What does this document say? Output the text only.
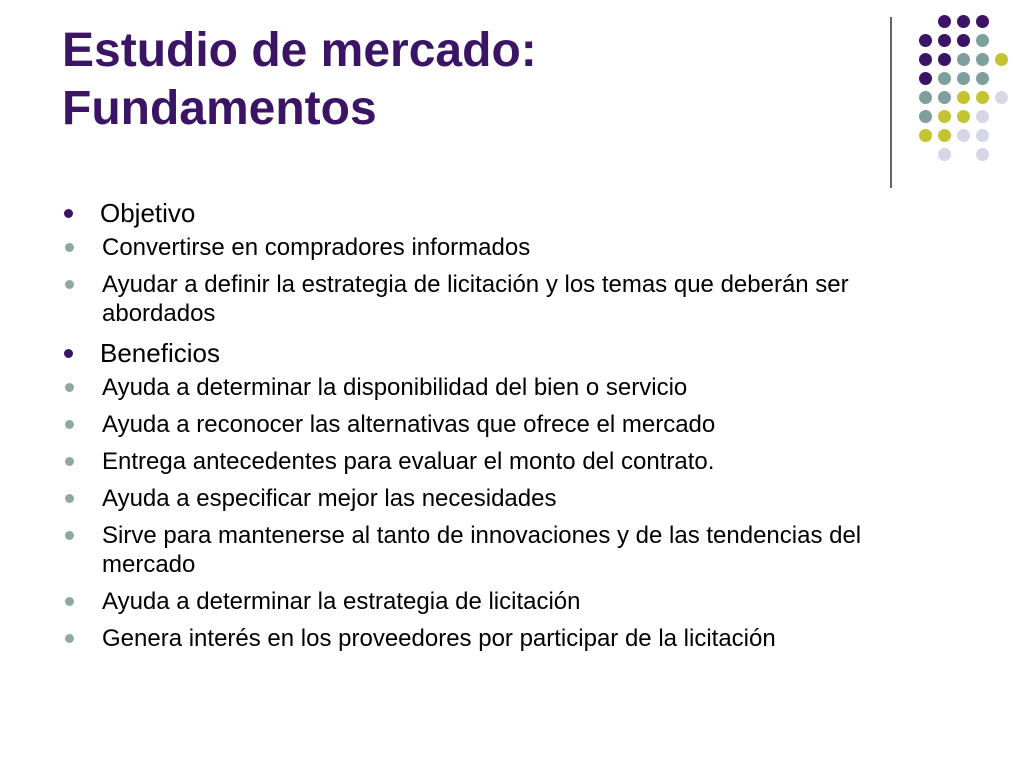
Estudio de mercado:
Fundamentos
Objetivo
Convertirse en compradores informados
Ayudar a definir la estrategia de licitación y los temas que deberán ser abordados
Beneficios
Ayuda a determinar la disponibilidad del bien o servicio
Ayuda a reconocer las alternativas que ofrece el mercado
Entrega antecedentes para evaluar el monto del contrato.
Ayuda a especificar mejor las necesidades
Sirve para mantenerse al tanto de innovaciones y de las tendencias del mercado
Ayuda a determinar la estrategia de licitación
Genera interés en los proveedores por participar de la licitación
